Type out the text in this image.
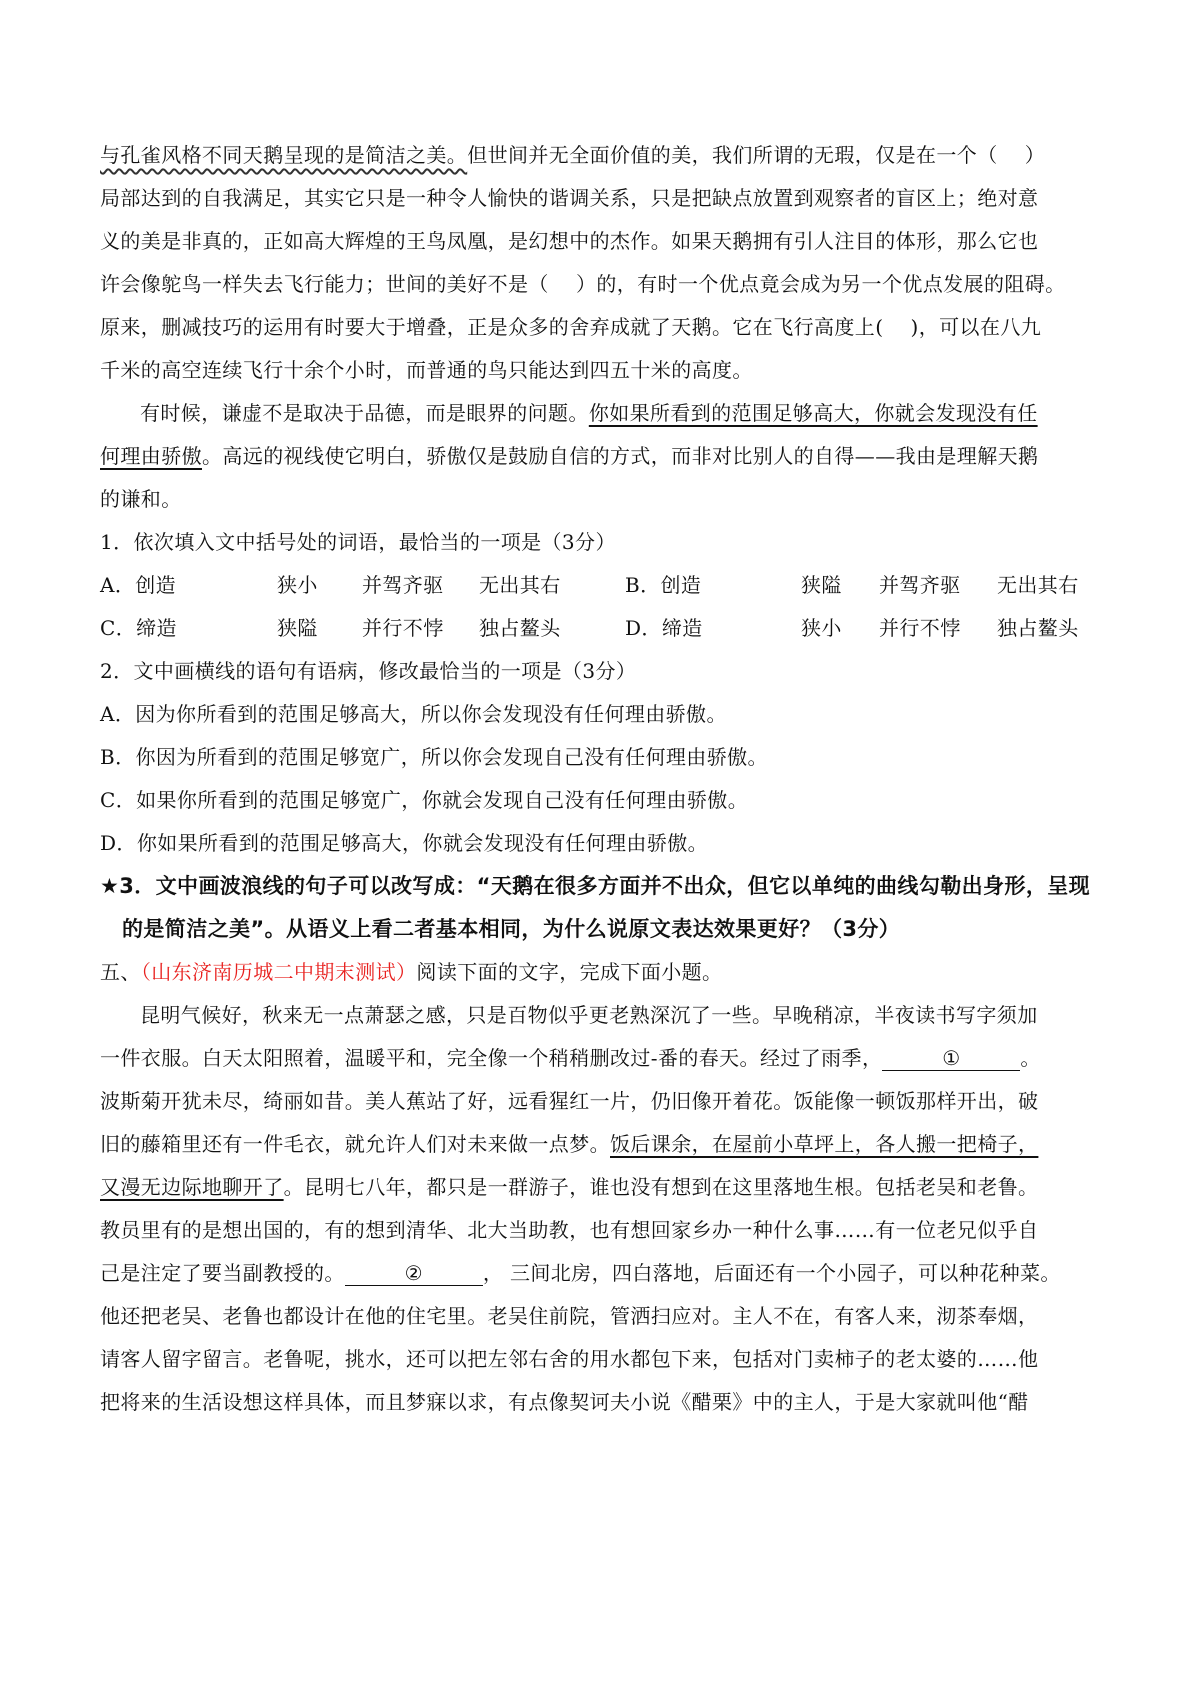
与孔雀风格不同天鹅呈现的是简洁之美。但世间并无全面价值的美，我们所谓的无瑕，仅是在一个（　 ）
局部达到的自我满足，其实它只是一种令人愉快的谐调关系，只是把缺点放置到观察者的盲区上；绝对意
义的美是非真的，正如高大辉煌的王鸟凤凰，是幻想中的杰作。如果天鹅拥有引人注目的体形，那么它也
许会像鸵鸟一样失去飞行能力；世间的美好不是（　 ）的，有时一个优点竟会成为另一个优点发展的阻碍。
原来，删减技巧的运用有时要大于增叠，正是众多的舍弃成就了天鹅。它在飞行高度上(　 )，可以在八九
千米的高空连续飞行十余个小时，而普通的鸟只能达到四五十米的高度。
有时候，谦虚不是取决于品德，而是眼界的问题。你如果所看到的范围足够高大，你就会发现没有任
何理由骄傲。高远的视线使它明白，骄傲仅是鼓励自信的方式，而非对比别人的自得——我由是理解天鹅
的谦和。
1．依次填入文中括号处的词语，最恰当的一项是（3分）
A．创造	狭小 并驾齐驱 无出其右	B．创造	狭隘 并驾齐驱 无出其右
C．缔造	狭隘 并行不悖 独占鳌头	D．缔造	狭小 并行不悖 独占鳌头
2．文中画横线的语句有语病，修改最恰当的一项是（3分）
A．因为你所看到的范围足够高大，所以你会发现没有任何理由骄傲。
B．你因为所看到的范围足够宽广，所以你会发现自己没有任何理由骄傲。
C．如果你所看到的范围足够宽广，你就会发现自己没有任何理由骄傲。
D．你如果所看到的范围足够高大，你就会发现没有任何理由骄傲。
★3．文中画波浪线的句子可以改写成：“天鹅在很多方面并不出众，但它以单纯的曲线勾勒出身形，呈现
的是简洁之美”。从语义上看二者基本相同，为什么说原文表达效果更好？（3分）
五、（山东济南历城二中期末测试）阅读下面的文字，完成下面小题。
昆明气候好，秋来无一点萧瑟之感，只是百物似乎更老熟深沉了一些。早晚稍凉，半夜读书写字须加
一件衣服。白天太阳照着，温暖平和，完全像一个稍稍删改过-番的春天。经过了雨季，	①	。
波斯菊开犹未尽，绮丽如昔。美人蕉站了好，远看猩红一片，仍旧像开着花。饭能像一顿饭那样开出，破
旧的藤箱里还有一件毛衣，就允许人们对未来做一点梦。饭后课余，在屋前小草坪上，各人搬一把椅子，
又漫无边际地聊开了。昆明七八年，都只是一群游子，谁也没有想到在这里落地生根。包括老吴和老鲁。
教员里有的是想出国的，有的想到清华、北大当助教，也有想回家乡办一种什么事……有一位老兄似乎自
己是注定了要当副教授的。	②	， 三间北房，四白落地，后面还有一个小园子，可以种花种菜。
他还把老吴、老鲁也都设计在他的住宅里。老吴住前院，管洒扫应对。主人不在，有客人来，沏茶奉烟，
请客人留字留言。老鲁呢，挑水，还可以把左邻右舍的用水都包下来，包括对门卖柿子的老太婆的……他
把将来的生活设想这样具体，而且梦寐以求，有点像契诃夫小说《醋栗》中的主人，于是大家就叫他“醋
